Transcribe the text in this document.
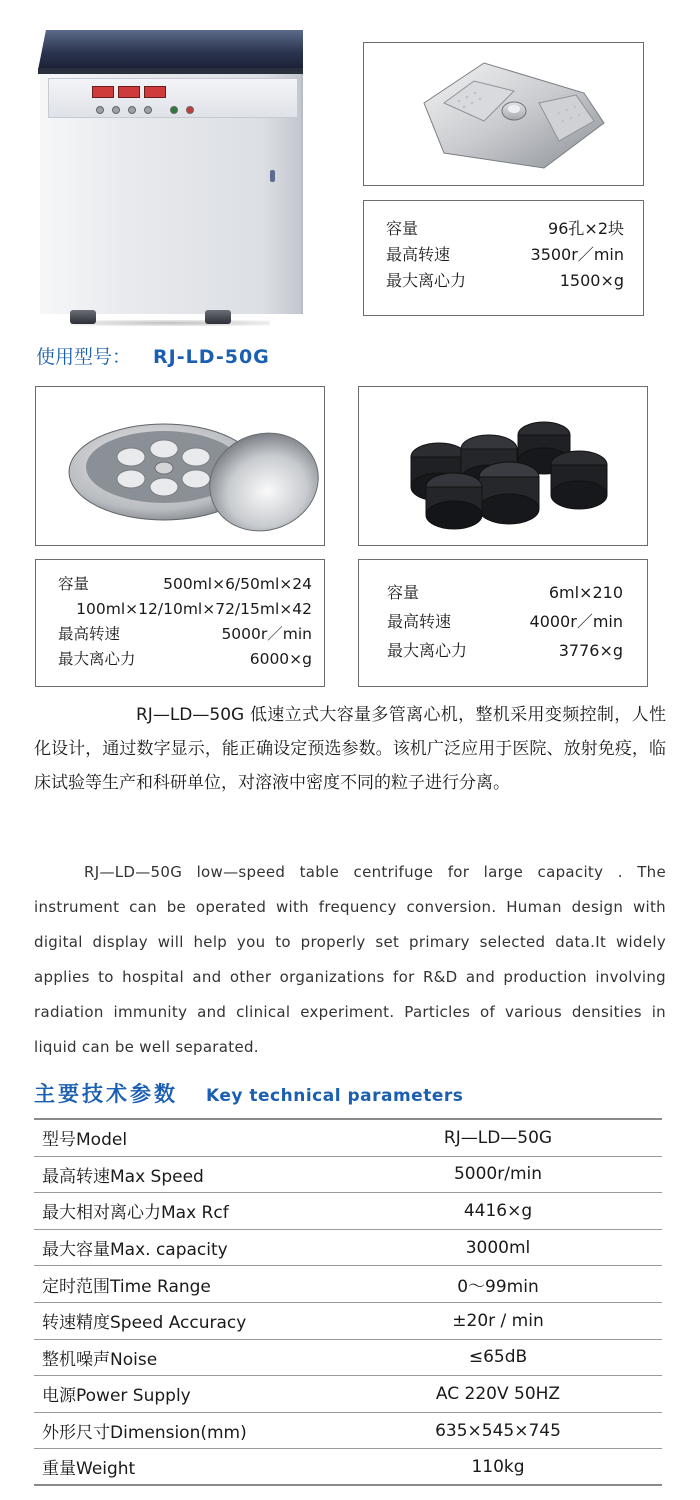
容量	96孔×2块
最高转速	3500r／min
最大离心力	1500×g
使用型号： RJ-LD-50G
容量	500ml×6/50ml×24
100ml×12/10ml×72/15ml×42
最高转速	5000r／min
最大离心力	6000×g
容量	6ml×210
最高转速	4000r／min
最大离心力	3776×g

RJ—LD—50G 低速立式大容量多管离心机，整机采用变频控制，人性化设计，通过数字显示，能正确设定预选参数。该机广泛应用于医院、放射免疫，临床试验等生产和科研单位，对溶液中密度不同的粒子进行分离。

RJ—LD—50G low—speed table centrifuge for large capacity . The instrument can be operated with frequency conversion. Human design with digital display will help you to properly set primary selected data.It widely applies to hospital and other organizations for R&D and production involving radiation immunity and clinical experiment. Particles of various densities in liquid can be well separated.

主要技术参数 Key technical parameters
型号Model	RJ—LD—50G
最高转速Max Speed	5000r/min
最大相对离心力Max Rcf	4416×g
最大容量Max. capacity	3000ml
定时范围Time Range	0～99min
转速精度Speed Accuracy	±20r / min
整机噪声Noise	≤65dB
电源Power Supply	AC 220V 50HZ
外形尺寸Dimension(mm)	635×545×745
重量Weight	110kg
